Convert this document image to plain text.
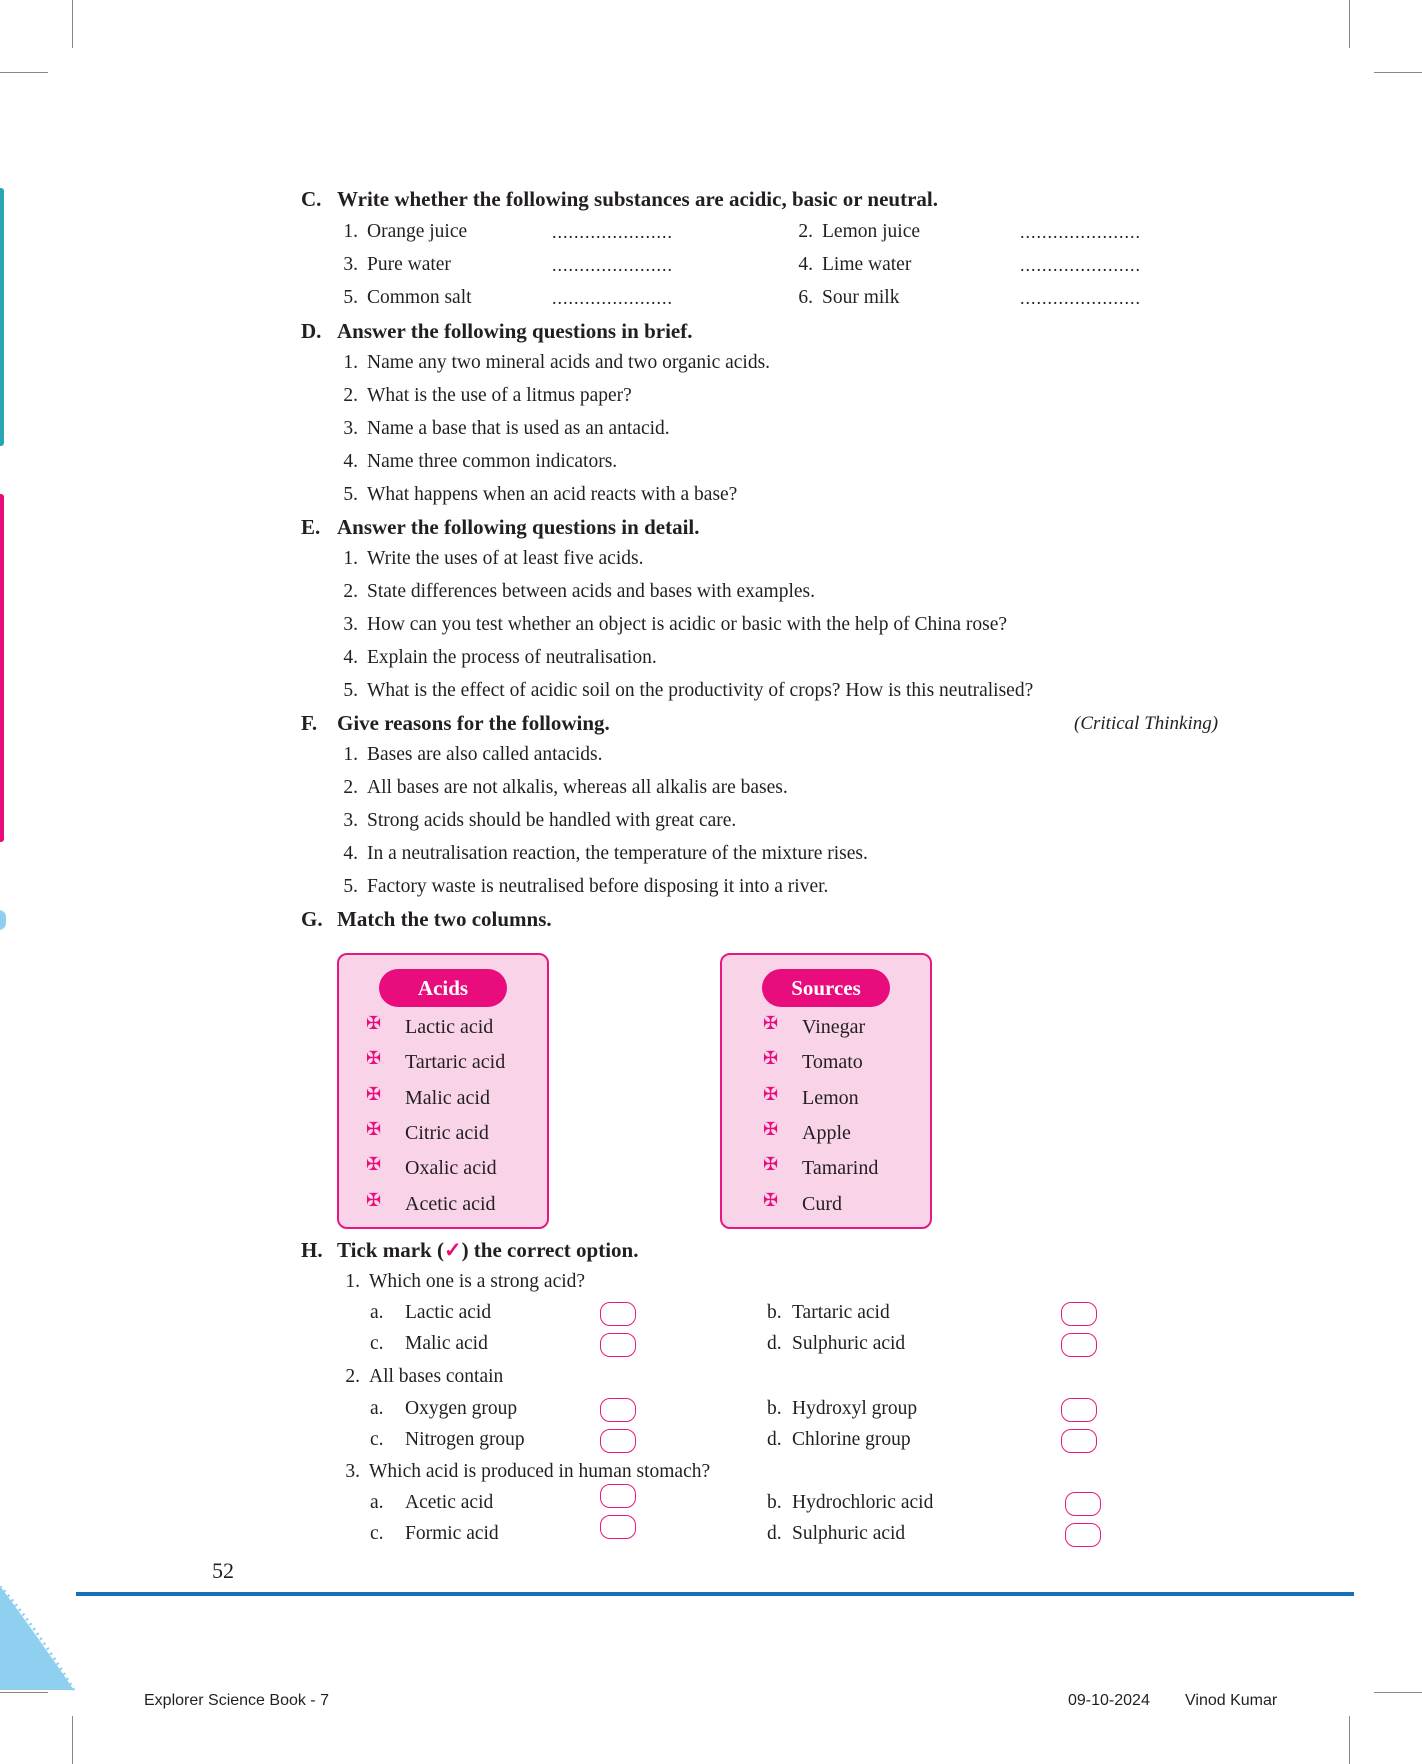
C. Write whether the following substances are acidic, basic or neutral.
1. Orange juice	......................	2. Lemon juice	......................
3. Pure water	......................	4. Lime water	......................
5. Common salt	......................	6. Sour milk	......................
D. Answer the following questions in brief.
1. Name any two mineral acids and two organic acids.
2. What is the use of a litmus paper?
3. Name a base that is used as an antacid.
4. Name three common indicators.
5. What happens when an acid reacts with a base?
E. Answer the following questions in detail.
1. Write the uses of at least five acids.
2. State differences between acids and bases with examples.
3. How can you test whether an object is acidic or basic with the help of China rose?
4. Explain the process of neutralisation.
5. What is the effect of acidic soil on the productivity of crops? How is this neutralised?
F. Give reasons for the following.	(Critical Thinking)
1. Bases are also called antacids.
2. All bases are not alkalis, whereas all alkalis are bases.
3. Strong acids should be handled with great care.
4. In a neutralisation reaction, the temperature of the mixture rises.
5. Factory waste is neutralised before disposing it into a river.
G. Match the two columns.
Acids
✠ Lactic acid
✠ Tartaric acid
✠ Malic acid
✠ Citric acid
✠ Oxalic acid
✠ Acetic acid
Sources
✠ Vinegar
✠ Tomato
✠ Lemon
✠ Apple
✠ Tamarind
✠ Curd
H. Tick mark (✓) the correct option.
1. Which one is a strong acid?
a. Lactic acid	b. Tartaric acid
c. Malic acid	d. Sulphuric acid
2. All bases contain
a. Oxygen group	b. Hydroxyl group
c. Nitrogen group	d. Chlorine group
3. Which acid is produced in human stomach?
a. Acetic acid	b. Hydrochloric acid
c. Formic acid	d. Sulphuric acid
52
Explorer Science Book - 7	09-10-2024 Vinod Kumar
